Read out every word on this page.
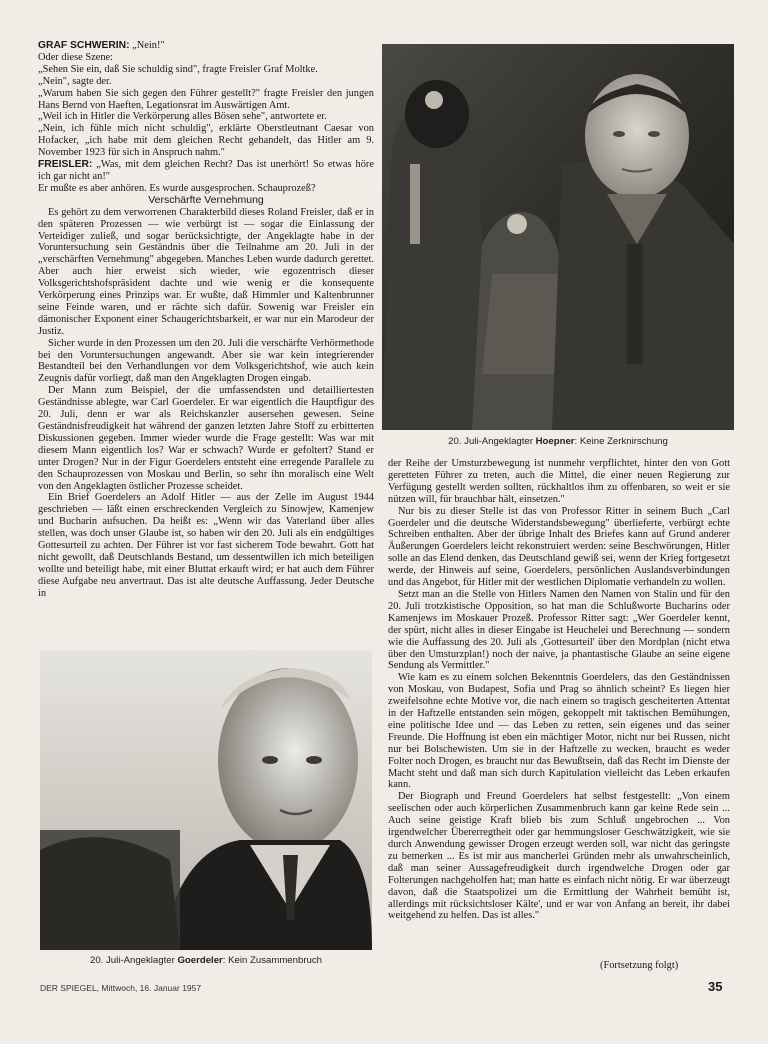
GRAF SCHWERIN: „Nein!"

Oder diese Szene:

„Sehen Sie ein, daß Sie schuldig sind", fragte Freisler Graf Moltke.

„Nein", sagte der.

„Warum haben Sie sich gegen den Führer gestellt?" fragte Freisler den jungen Hans Bernd von Haeften, Legationsrat im Auswärtigen Amt.

„Weil ich in Hitler die Verkörperung alles Bösen sehe", antwortete er.

„Nein, ich fühle mich nicht schuldig", erklärte Oberstleutnant Caesar von Hofacker, „ich habe mit dem gleichen Recht gehandelt, das Hitler am 9. November 1923 für sich in Anspruch nahm."

FREISLER: „Was, mit dem gleichen Recht? Das ist unerhört! So etwas höre ich gar nicht an!"

Er mußte es aber anhören. Es wurde ausgesprochen. Schauprozeß?

Verschärfte Vernehmung

Es gehört zu dem verworrenen Charakterbild dieses Roland Freisler, daß er in den späteren Prozessen — wie verbürgt ist — sogar die Einlassung der Verteidiger zuließ, und sogar berücksichtigte, der Angeklagte habe in der Voruntersuchung sein Geständnis über die Teilnahme am 20. Juli in der „verschärften Vernehmung" abgegeben. Manches Leben wurde dadurch gerettet. Aber auch hier erweist sich wieder, wie egozentrisch dieser Volksgerichtshofspräsident dachte und wie wenig er die konsequente Verkörperung eines Prinzips war. Er wußte, daß Himmler und Kaltenbrunner seine Feinde waren, und er rächte sich dafür. Sowenig war Freisler ein dämonischer Exponent einer Schaugerichtsbarkeit, er war nur ein Marodeur der Justiz.

Sicher wurde in den Prozessen um den 20. Juli die verschärfte Verhörmethode bei den Voruntersuchungen angewandt. Aber sie war kein integrierender Bestandteil bei den Verhandlungen vor dem Volksgerichtshof, wie auch kein Zeugnis dafür vorliegt, daß man den Angeklagten Drogen eingab.

Der Mann zum Beispiel, der die umfassendsten und detailliertesten Geständnisse ablegte, war Carl Goerdeler. Er war eigentlich die Hauptfigur des 20. Juli, denn er war als Reichskanzler ausersehen gewesen. Seine Geständnisfreudigkeit hat während der ganzen letzten Jahre Stoff zu erbitterten Diskussionen gegeben. Immer wieder wurde die Frage gestellt: Was war mit diesem Mann eigentlich los? War er schwach? Wurde er gefoltert? Stand er unter Drogen? Nur in der Figur Goerdelers entsteht eine erregende Parallele zu den Schauprozessen von Moskau und Berlin, so sehr ihn moralisch eine Welt von den Angeklagten östlicher Prozesse scheidet.

Ein Brief Goerdelers an Adolf Hitler — aus der Zelle im August 1944 geschrieben — läßt einen erschreckenden Vergleich zu Sinowjew, Kamenjew und Bucharin aufsuchen. Da heißt es: „Wenn wir das Vaterland über alles stellen, was doch unser Glaube ist, so haben wir den 20. Juli als ein endgültiges Gottesurteil zu achten. Der Führer ist vor fast sicherem Tode bewahrt. Gott hat nicht gewollt, daß Deutschlands Bestand, um dessentwillen ich mich beteiligen wollte und beteiligt habe, mit einer Bluttat erkauft wird; er hat auch dem Führer diese Aufgabe neu anvertraut. Das ist alte deutsche Auffassung. Jeder Deutsche in

20. Juli-Angeklagter Hoepner: Keine Zerknirschung
20. Juli-Angeklagter Goerdeler: Kein Zusammenbruch

der Reihe der Umsturzbewegung ist nunmehr verpflichtet, hinter den von Gott geretteten Führer zu treten, auch die Mittel, die einer neuen Regierung zur Verfügung gestellt werden sollten, rückhaltlos ihm zu offenbaren, so weit er sie nützen will, für brauchbar hält, einsetzen."

Nur bis zu dieser Stelle ist das von Professor Ritter in seinem Buch „Carl Goerdeler und die deutsche Widerstandsbewegung" überlieferte, verbürgt echte Schreiben enthalten. Aber der übrige Inhalt des Briefes kann auf Grund anderer Äußerungen Goerdelers leicht rekonstruiert werden: seine Beschwörungen, Hitler solle an das Elend denken, das Deutschland gewiß sei, wenn der Krieg fortgesetzt werde, der Hinweis auf seine, Goerdelers, persönlichen Auslandsverbindungen und das Angebot, für Hitler mit der westlichen Diplomatie verhandeln zu wollen.

Setzt man an die Stelle von Hitlers Namen den Namen von Stalin und für den 20. Juli trotzkistische Opposition, so hat man die Schlußworte Bucharins oder Kamenjews im Moskauer Prozeß. Professor Ritter sagt: „Wer Goerdeler kennt, der spürt, nicht alles in dieser Eingabe ist Heuchelei und Berechnung — sondern wie die Auffassung des 20. Juli als ‚Gottesurteil' über den Mordplan (nicht etwa über den Umsturzplan!) noch der naive, ja phantastische Glaube an seine eigene Sendung als Vermittler."

Wie kam es zu einem solchen Bekenntnis Goerdelers, das den Geständnissen von Moskau, von Budapest, Sofia und Prag so ähnlich scheint? Es liegen hier zweifelsohne echte Motive vor, die nach einem so tragisch gescheiterten Attentat in der Haftzelle entstanden sein mögen, gekoppelt mit taktischen Bemühungen, eine politische Idee und — das Leben zu retten, sein eigenes und das seiner Freunde. Die Hoffnung ist eben ein mächtiger Motor, nicht nur bei Russen, nicht nur bei Bolschewisten. Um sie in der Haftzelle zu wecken, braucht es weder Folter noch Drogen, es braucht nur das Bewußtsein, daß das Recht im Dienste der Macht steht und daß man sich durch Kapitulation vielleicht das Leben erkaufen kann.

Der Biograph und Freund Goerdelers hat selbst festgestellt: „Von einem seelischen oder auch körperlichen Zusammenbruch kann gar keine Rede sein ... Auch seine geistige Kraft blieb bis zum Schluß ungebrochen ... Von irgendwelcher Übererregtheit oder gar hemmungsloser Geschwätzigkeit, wie sie durch Anwendung gewisser Drogen erzeugt werden soll, war nicht das geringste zu bemerken ... Es ist mir aus mancherlei Gründen mehr als unwahrscheinlich, daß man seiner Aussagefreudigkeit durch irgendwelche Drogen oder gar Folterungen nachgeholfen hat; man hatte es einfach nicht nötig. Er war überzeugt davon, daß die Staatspolizei um die Ermittlung der Wahrheit bemüht ist, allerdings mit rücksichtsloser Kälte', und er war von Anfang an bereit, ihr dabei weitgehend zu helfen. Das ist alles."

(Fortsetzung folgt)
DER SPIEGEL, Mittwoch, 16. Januar 1957	35
